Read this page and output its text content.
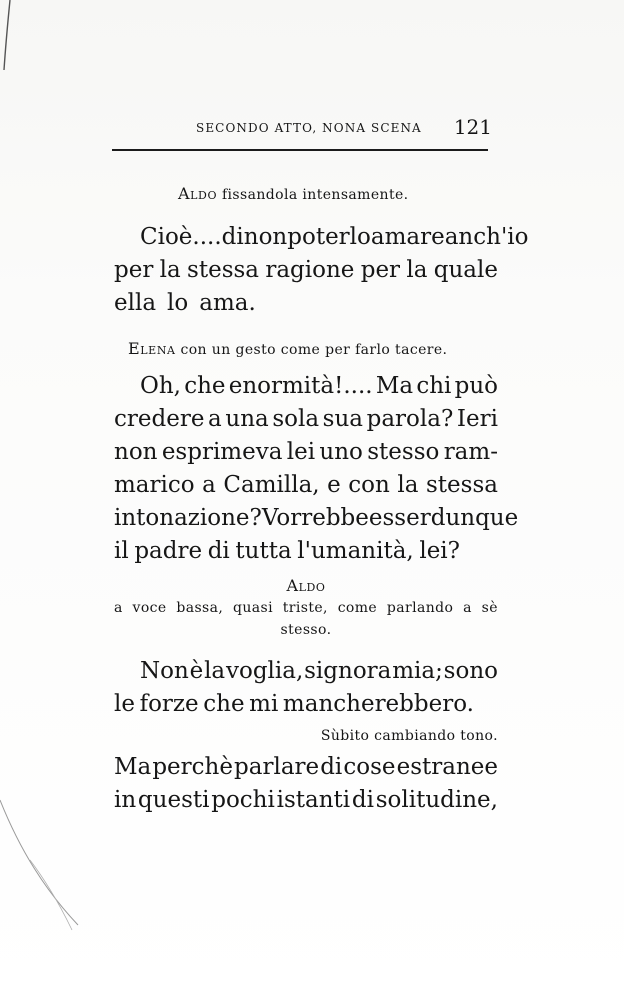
SECONDO ATTO, NONA SCENA 121
Aldo fissandola intensamente.
Cioè.... di non poterlo amare anch'io
per la stessa ragione per la quale
ella lo ama.
Elena con un gesto come per farlo tacere.
Oh, che enormità!.... Ma chi può
credere a una sola sua parola? Ieri
non esprimeva lei uno stesso ram-
marico a Camilla, e con la stessa
intonazione? Vorrebbe esser dunque
il padre di tutta l'umanità, lei?
Aldo
a voce bassa, quasi triste, come parlando a sè
stesso.
Non è la voglia, signora mia; sono
le forze che mi mancherebbero.
Sùbito cambiando tono.
Ma perchè parlare di cose estranee
in questi pochi istanti di solitudine,
